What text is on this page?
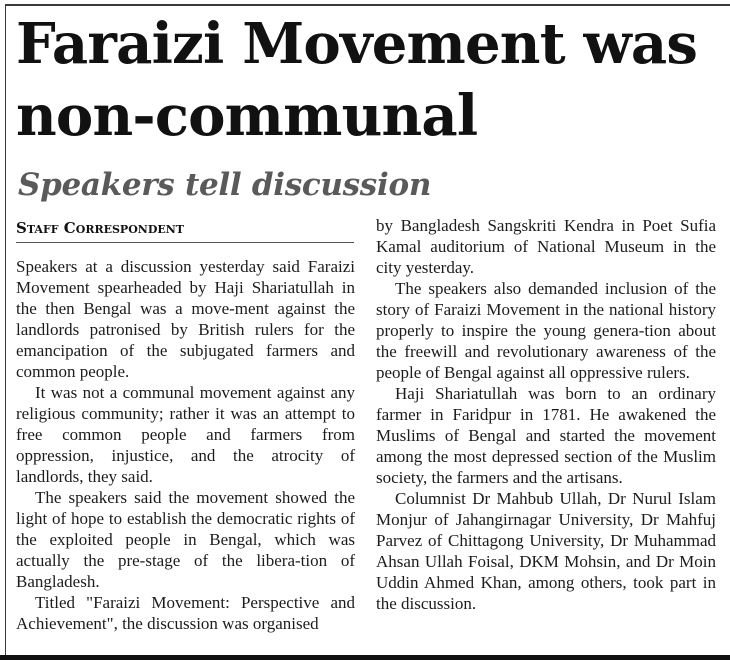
Faraizi Movement was
non-communal
Speakers tell discussion
Staff Correspondent

Speakers at a discussion yesterday said Faraizi Movement spearheaded by Haji Shariatullah in the then Bengal was a move-ment against the landlords patronised by British rulers for the emancipation of the subjugated farmers and common people.

It was not a communal movement against any religious community; rather it was an attempt to free common people and farmers from oppression, injustice, and the atrocity of landlords, they said.

The speakers said the movement showed the light of hope to establish the democratic rights of the exploited people in Bengal, which was actually the pre-stage of the libera-tion of Bangladesh.

Titled "Faraizi Movement: Perspective and Achievement", the discussion was organised

by Bangladesh Sangskriti Kendra in Poet Sufia Kamal auditorium of National Museum in the city yesterday.

The speakers also demanded inclusion of the story of Faraizi Movement in the national history properly to inspire the young genera-tion about the freewill and revolutionary awareness of the people of Bengal against all oppressive rulers.

Haji Shariatullah was born to an ordinary farmer in Faridpur in 1781. He awakened the Muslims of Bengal and started the movement among the most depressed section of the Muslim society, the farmers and the artisans.

Columnist Dr Mahbub Ullah, Dr Nurul Islam Monjur of Jahangirnagar University, Dr Mahfuj Parvez of Chittagong University, Dr Muhammad Ahsan Ullah Foisal, DKM Mohsin, and Dr Moin Uddin Ahmed Khan, among others, took part in the discussion.
